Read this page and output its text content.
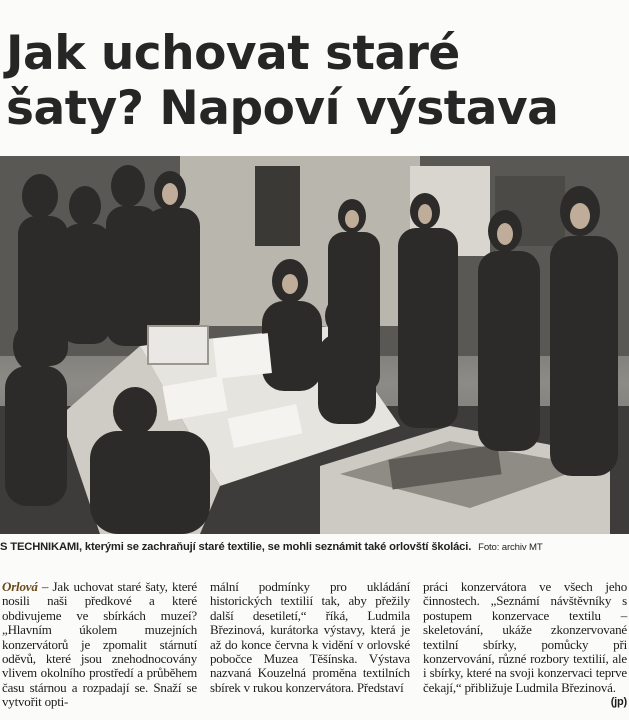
Jak uchovat staré
šaty? Napoví výstava
S TECHNIKAMI, kterými se zachraňují staré textilie, se mohli seznámit také orlovští školáci. Foto: archiv MT
Orlová – Jak uchovat staré šaty, které nosili naši předkové a které obdivujeme ve sbírkách muzeí? „Hlavním úkolem muzejních konzervátorů je zpomalit stárnutí oděvů, které jsou znehodnocovány vlivem okolního prostředí a průběhem času stárnou a rozpadají se. Snaží se vytvořit opti-
mální podmínky pro ukládání historických textilií tak, aby přežily další desetiletí,“ říká, Ludmila Březinová, kurátorka výstavy, která je až do konce června k vidění v orlovské pobočce Muzea Těšínska. Výstava nazvaná Kouzelná proměna textilních sbírek v rukou konzervátora. Představí
práci konzervátora ve všech jeho činnostech. „Seznámí návštěvníky s postupem konzervace textilu – skeletování, ukáže zkonzervované textilní sbírky, pomůcky při konzervování, různé rozbory textilií, ale i sbírky, které na svoji konzervaci teprve čekají,“ přibližuje Ludmila Březinová.
(jp)
